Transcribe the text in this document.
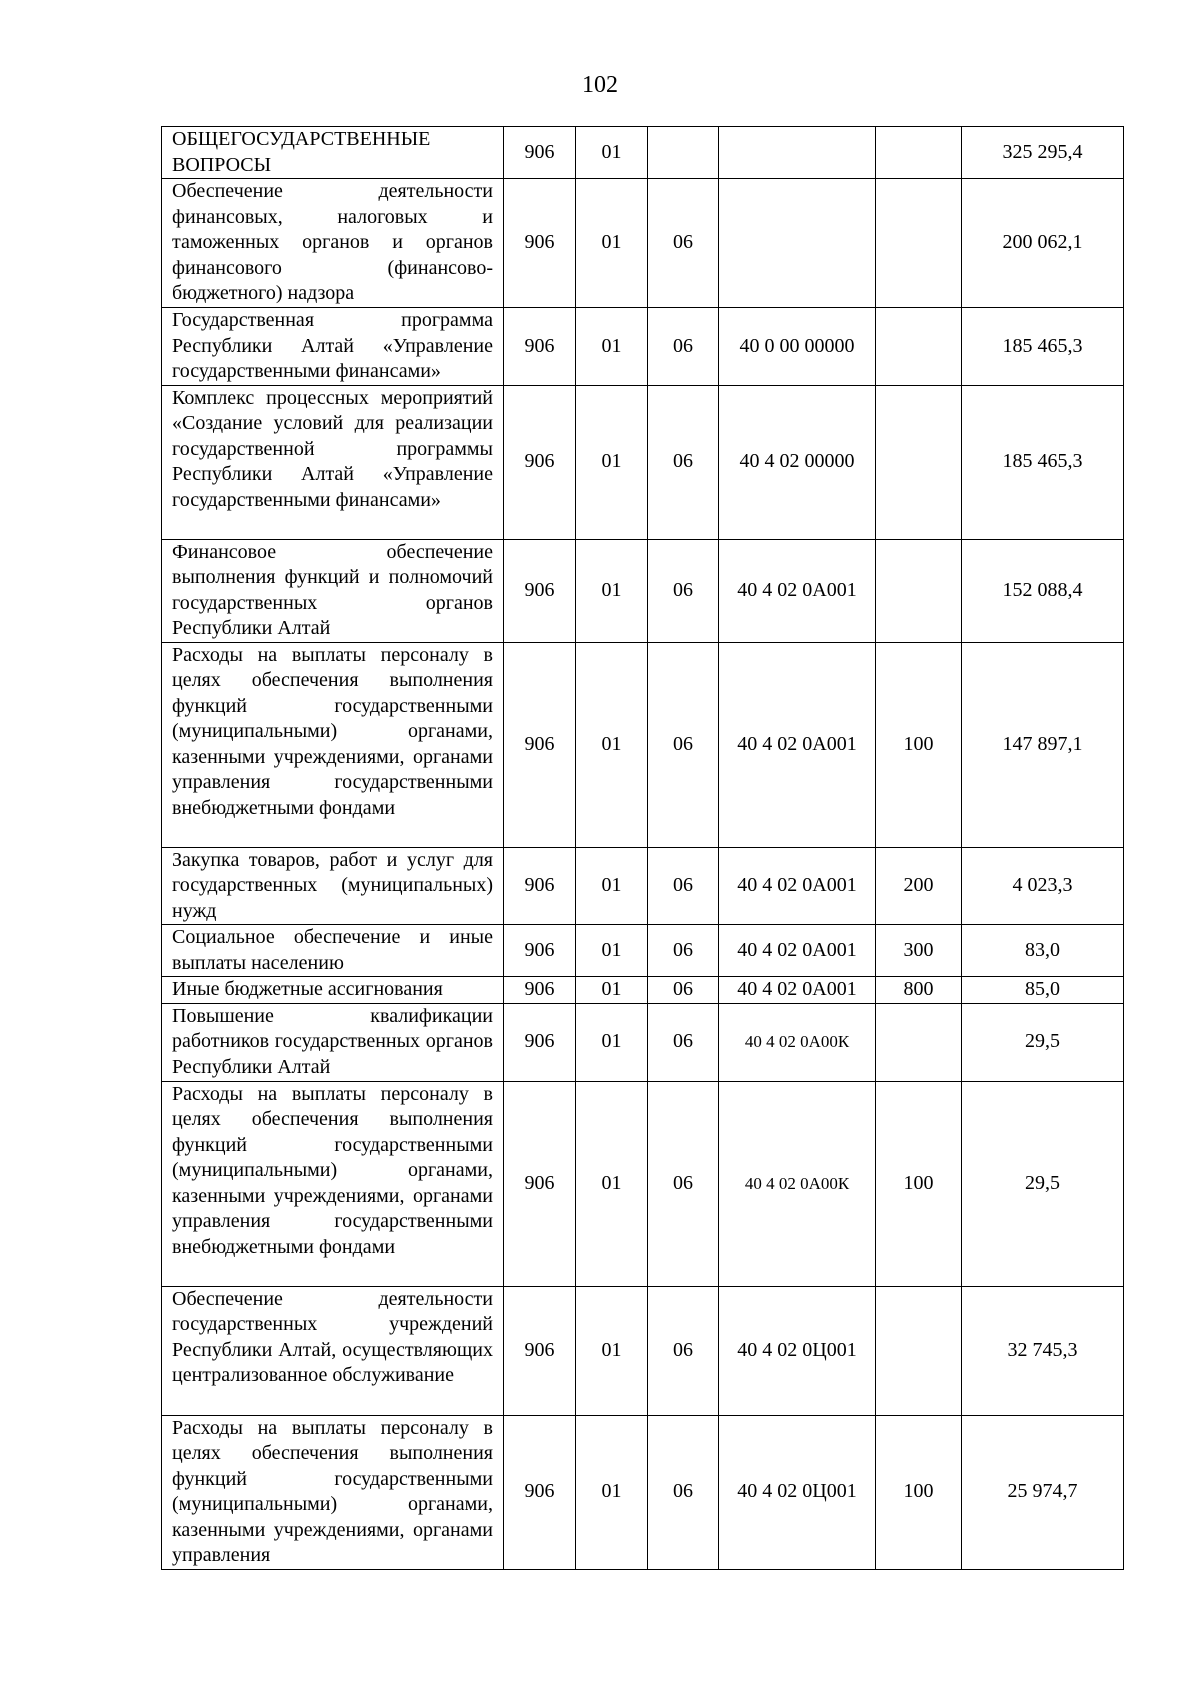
102
ОБЩЕГОСУДАРСТВЕННЫЕ ВОПРОСЫ	906	01				325 295,4
Обеспечение деятельности финансовых, налоговых и таможенных органов и органов финансового (финансово-бюджетного) надзора	906	01	06			200 062,1
Государственная программа Республики Алтай «Управление государственными финансами»	906	01	06	40 0 00 00000		185 465,3
Комплекс процессных мероприятий «Создание условий для реализации государственной программы Республики Алтай «Управление государственными финансами»	906	01	06	40 4 02 00000		185 465,3
Финансовое обеспечение выполнения функций и полномочий государственных органов Республики Алтай	906	01	06	40 4 02 0А001		152 088,4
Расходы на выплаты персоналу в целях обеспечения выполнения функций государственными (муниципальными) органами, казенными учреждениями, органами управления государственными внебюджетными фондами	906	01	06	40 4 02 0А001	100	147 897,1
Закупка товаров, работ и услуг для государственных (муниципальных) нужд	906	01	06	40 4 02 0А001	200	4 023,3
Социальное обеспечение и иные выплаты населению	906	01	06	40 4 02 0А001	300	83,0
Иные бюджетные ассигнования	906	01	06	40 4 02 0А001	800	85,0
Повышение квалификации работников государственных органов Республики Алтай	906	01	06	40 4 02 0А00К		29,5
Расходы на выплаты персоналу в целях обеспечения выполнения функций государственными (муниципальными) органами, казенными учреждениями, органами управления государственными внебюджетными фондами	906	01	06	40 4 02 0А00К	100	29,5
Обеспечение деятельности государственных учреждений Республики Алтай, осуществляющих централизованное обслуживание	906	01	06	40 4 02 0Ц001		32 745,3
Расходы на выплаты персоналу в целях обеспечения выполнения функций государственными (муниципальными) органами, казенными учреждениями, органами управления	906	01	06	40 4 02 0Ц001	100	25 974,7
